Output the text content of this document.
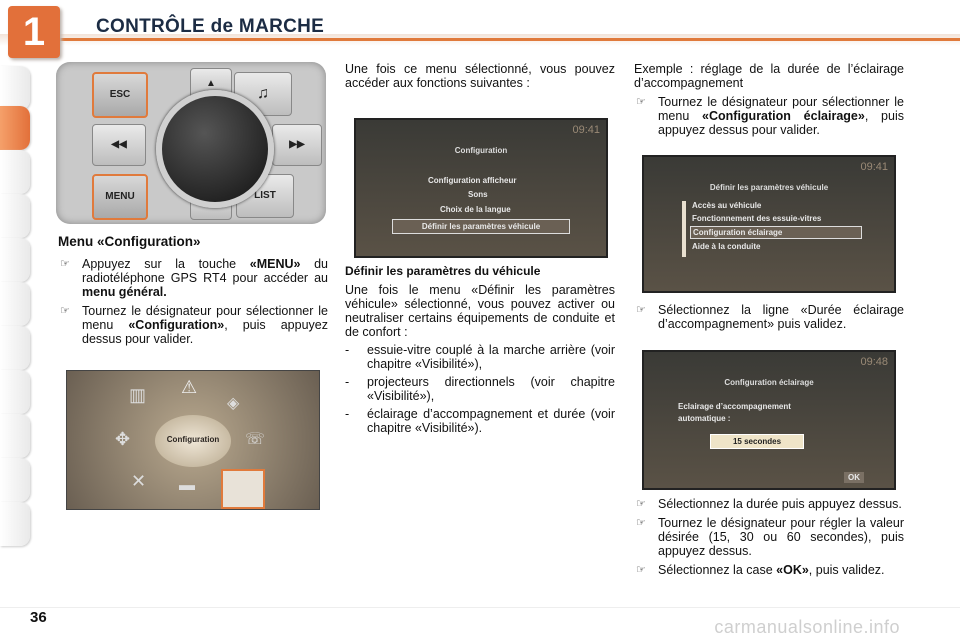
1	CONTRÔLE de MARCHE
ESC
▲
♫
◀◀	▶▶
MENU	LIST
Menu «Configuration»
☞ Appuyez sur la touche «MENU» du radiotéléphone GPS RT4 pour accéder au menu général.
☞ Tournez le désignateur pour sélectionner le menu «Configuration», puis appuyez dessus pour valider.
Configuration
⚠
▥	◈
✥	☏
✕ ▬
Une fois ce menu sélectionné, vous pouvez accéder aux fonctions suivantes :
09:41
Configuration
Configuration afficheur
Sons
Choix de la langue
Définir les paramètres véhicule
Définir les paramètres du véhicule
Une fois le menu «Définir les paramètres véhicule» sélectionné, vous pouvez activer ou neutraliser certains équipements de conduite et de confort :
-	essuie-vitre couplé à la marche arrière (voir chapitre «Visibilité»),
-	projecteurs directionnels (voir chapitre «Visibilité»),
-	éclairage d’accompagnement et durée (voir chapitre «Visibilité»).
Exemple : réglage de la durée de l’éclairage d’accompagnement
☞ Tournez le désignateur pour sélectionner le menu «Configuration éclairage», puis appuyez dessus pour valider.
09:41
Définir les paramètres véhicule
Accès au véhicule
Fonctionnement des essuie-vitres
Configuration éclairage
Aide à la conduite
☞ Sélectionnez la ligne «Durée éclairage d’accompagnement» puis validez.
09:48
Configuration éclairage
Eclairage d’accompagnement
automatique :
15 secondes
OK
☞ Sélectionnez la durée puis appuyez dessus.
☞ Tournez le désignateur pour régler la valeur désirée (15, 30 ou 60 secondes), puis appuyez dessus.
☞ Sélectionnez la case «OK», puis validez.
36	carmanualsonline.info
